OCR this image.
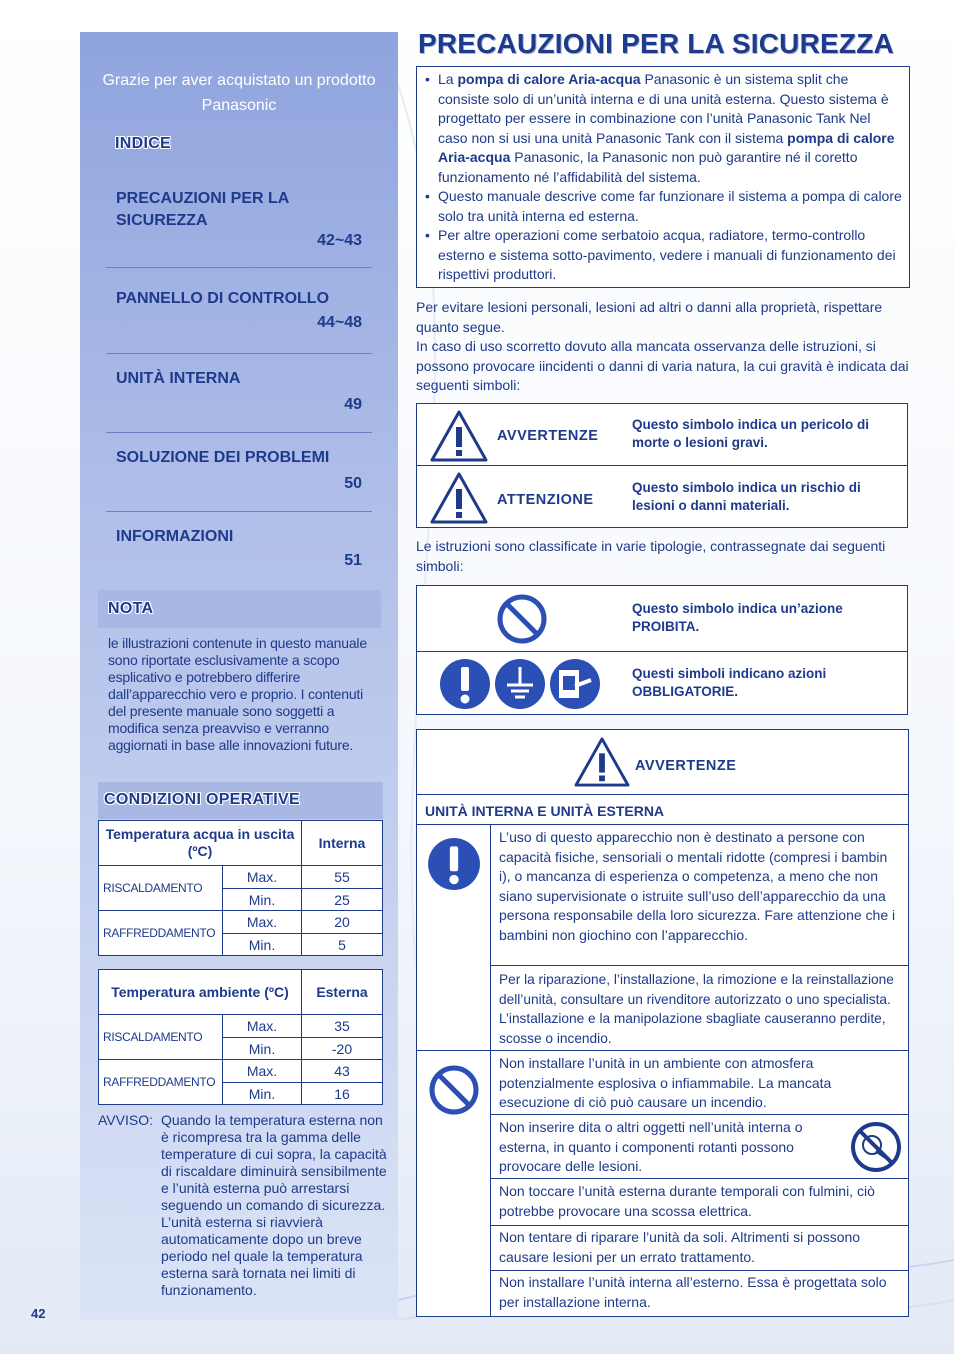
Grazie per aver acquistato un prodotto Panasonic
INDICE
PRECAUZIONI PER LA SICUREZZA
42~43
PANNELLO DI CONTROLLO
44~48
UNITÀ INTERNA
49
SOLUZIONE DEI PROBLEMI
50
INFORMAZIONI
51
NOTA
le illustrazioni contenute in questo manuale sono riportate esclusivamente a scopo esplicativo e potrebbero differire dall’apparecchio vero e proprio. I contenuti del presente manuale sono soggetti a modifica senza preavviso e verranno aggiornati in base alle innovazioni future.
CONDIZIONI OPERATIVE
Temperatura acqua in uscita (ºC)		Interna
RISCALDAMENTO	Max.	55
	Min.	25
RAFFREDDAMENTO	Max.	20
	Min.	5
Temperatura ambiente (ºC)		Esterna
RISCALDAMENTO	Max.	35
	Min.	-20
RAFFREDDAMENTO	Max.	43
	Min.	16
AVVISO: Quando la temperatura esterna non è ricompresa tra la gamma delle temperature di cui sopra, la capacità di riscaldare diminuirà sensibilmente e l’unità esterna può arrestarsi seguendo un comando di sicurezza. L’unità esterna si riavvierà automaticamente dopo un breve periodo nel quale la temperatura esterna sarà tornata nei limiti di funzionamento.
42
PRECAUZIONI PER LA SICUREZZA
• La pompa di calore Aria-acqua Panasonic è un sistema split che consiste solo di un’unità interna e di una unità esterna. Questo sistema è progettato per essere in combinazione con l’unità Panasonic Tank Nel caso non si usi una unità Panasonic Tank con il sistema pompa di calore Aria-acqua Panasonic, la Panasonic non può garantire né il coretto funzionamento né l’affidabilità del sistema.
• Questo manuale descrive come far funzionare il sistema a pompa di calore solo tra unità interna ed esterna.
• Per altre operazioni come serbatoio acqua, radiatore, termo-controllo esterno e sistema sotto-pavimento, vedere i manuali di funzionamento dei rispettivi produttori.
Per evitare lesioni personali, lesioni ad altri o danni alla proprietà, rispettare quanto segue.
In caso di uso scorretto dovuto alla mancata osservanza delle istruzioni, si possono provocare iincidenti o danni di varia natura, la cui gravità è indicata dai seguenti simboli:
AVVERTENZE
Questo simbolo indica un pericolo di morte o lesioni gravi.
ATTENZIONE
Questo simbolo indica un rischio di lesioni o danni materiali.
Le istruzioni sono classificate in varie tipologie, contrassegnate dai seguenti simboli:
Questo simbolo indica un’azione PROIBITA.
Questi simboli indicano azioni OBBLIGATORIE.
AVVERTENZE
UNITÀ INTERNA E UNITÀ ESTERNA
L’uso di questo apparecchio non è destinato a persone con capacità fisiche, sensoriali o mentali ridotte (compresi i bambin i), o mancanza di esperienza o competenza, a meno che non siano supervisionate o istruite sull’uso dell’apparecchio da una persona responsabile della loro sicurezza. Fare attenzione che i bambini non giochino con l’apparecchio.
Per la riparazione, l’installazione, la rimozione e la reinstallazione dell’unità, consultare un rivenditore autorizzato o uno specialista. L’installazione e la manipolazione sbagliate causeranno perdite, scosse o incendio.
Non installare l’unità in un ambiente con atmosfera potenzialmente esplosiva o infiammabile. La mancata esecuzione di ciò può causare un incendio.
Non inserire dita o altri oggetti nell’unità interna o esterna, in quanto i componenti rotanti possono provocare delle lesioni.
Non toccare l’unità esterna durante temporali con fulmini, ciò potrebbe provocare una scossa elettrica.
Non tentare di riparare l’unità da soli. Altrimenti si possono causare lesioni per un errato trattamento.
Non installare l’unità interna all’esterno. Essa è progettata solo per installazione interna.
